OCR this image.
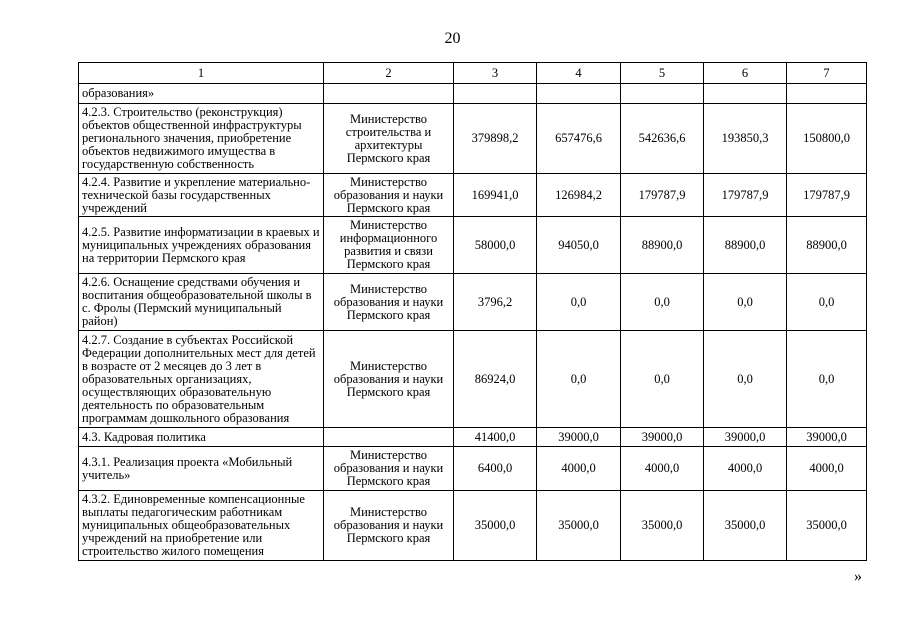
20
1	2	3	4	5	6	7
образования»						
4.2.3. Строительство (реконструкция) объектов общественной инфраструктуры регионального значения, приобретение объектов недвижимого имущества в государственную собственность	Министерство строительства и архитектуры Пермского края	379898,2	657476,6	542636,6	193850,3	150800,0
4.2.4. Развитие и укрепление материально-технической базы государственных учреждений	Министерство образования и науки Пермского края	169941,0	126984,2	179787,9	179787,9	179787,9
4.2.5. Развитие информатизации в краевых и муниципальных учреждениях образования на территории Пермского края	Министерство информационного развития и связи Пермского края	58000,0	94050,0	88900,0	88900,0	88900,0
4.2.6. Оснащение средствами обучения и воспитания общеобразовательной школы в с. Фролы (Пермский муниципальный район)	Министерство образования и науки Пермского края	3796,2	0,0	0,0	0,0	0,0
4.2.7. Создание в субъектах Российской Федерации дополнительных мест для детей в возрасте от 2 месяцев до 3 лет в образовательных организациях, осуществляющих образовательную деятельность по образовательным программам дошкольного образования	Министерство образования и науки Пермского края	86924,0	0,0	0,0	0,0	0,0
4.3. Кадровая политика		41400,0	39000,0	39000,0	39000,0	39000,0
4.3.1. Реализация проекта «Мобильный учитель»	Министерство образования и науки Пермского края	6400,0	4000,0	4000,0	4000,0	4000,0
4.3.2. Единовременные компенсационные выплаты педагогическим работникам муниципальных общеобразовательных учреждений на приобретение или строительство жилого помещения	Министерство образования и науки Пермского края	35000,0	35000,0	35000,0	35000,0	35000,0
»
